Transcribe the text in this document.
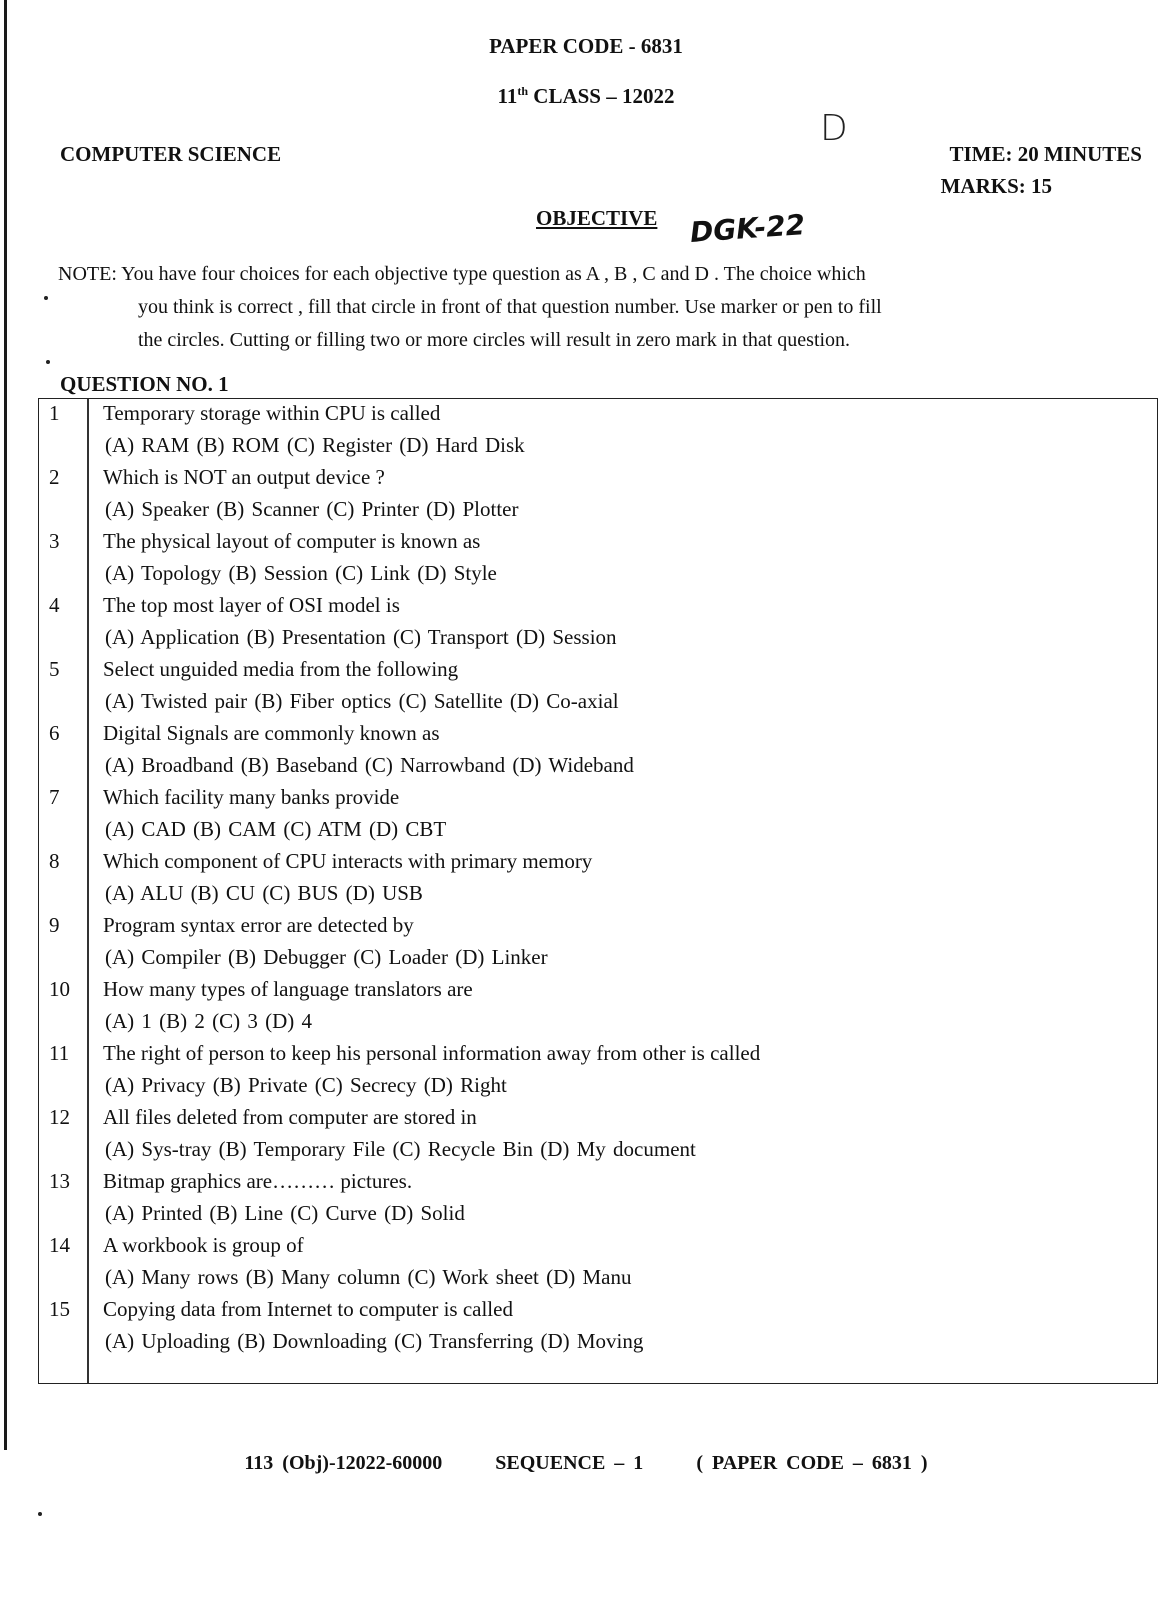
PAPER CODE - 6831
11th CLASS – 12022
COMPUTER SCIENCE
D
TIME: 20 MINUTES
MARKS: 15
OBJECTIVE DGK-22
NOTE: You have four choices for each objective type question as A , B , C and D . The choice which
you think is correct , fill that circle in front of that question number. Use marker or pen to fill
the circles. Cutting or filling two or more circles will result in zero mark in that question.
QUESTION NO. 1
1	Temporary storage within CPU is called
(A) RAM (B) ROM (C) Register (D) Hard Disk
2	Which is NOT an output device ?
(A) Speaker (B) Scanner (C) Printer (D) Plotter
3	The physical layout of computer is known as
(A) Topology (B) Session (C) Link (D) Style
4	The top most layer of OSI model is
(A) Application (B) Presentation (C) Transport (D) Session
5	Select unguided media from the following
(A) Twisted pair (B) Fiber optics (C) Satellite (D) Co-axial
6	Digital Signals are commonly known as
(A) Broadband (B) Baseband (C) Narrowband (D) Wideband
7	Which facility many banks provide
(A) CAD (B) CAM (C) ATM (D) CBT
8	Which component of CPU interacts with primary memory
(A) ALU (B) CU (C) BUS (D) USB
9	Program syntax error are detected by
(A) Compiler (B) Debugger (C) Loader (D) Linker
10	How many types of language translators are
(A) 1 (B) 2 (C) 3 (D) 4
11	The right of person to keep his personal information away from other is called
(A) Privacy (B) Private (C) Secrecy (D) Right
12	All files deleted from computer are stored in
(A) Sys-tray (B) Temporary File (C) Recycle Bin (D) My document
13	Bitmap graphics are……… pictures.
(A) Printed (B) Line (C) Curve (D) Solid
14	A workbook is group of
(A) Many rows (B) Many column (C) Work sheet (D) Manu
15	Copying data from Internet to computer is called
(A) Uploading (B) Downloading (C) Transferring (D) Moving
113 (Obj)-12022-60000	SEQUENCE – 1	( PAPER CODE – 6831 )
